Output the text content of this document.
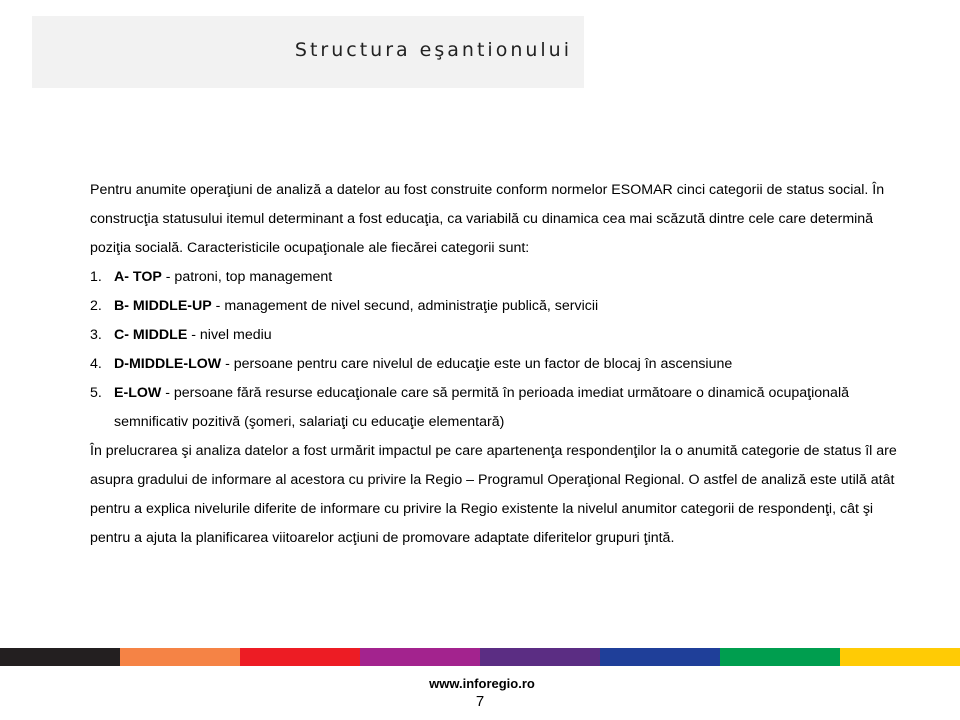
Structura eşantionului

Pentru anumite operaţiuni de analiză a datelor au fost construite conform normelor ESOMAR cinci categorii de status social. În construcţia statusului itemul determinant a fost educaţia, ca variabilă cu dinamica cea mai scăzută dintre cele care determină poziţia socială. Caracteristicile ocupaţionale ale fiecărei categorii sunt:

1. A- TOP - patroni, top management
2. B- MIDDLE-UP - management de nivel secund, administraţie publică, servicii
3. C- MIDDLE - nivel mediu
4. D-MIDDLE-LOW - persoane pentru care nivelul de educaţie este un factor de blocaj în ascensiune
5. E-LOW - persoane fără resurse educaţionale care să permită în perioada imediat următoare o dinamică ocupaţională semnificativ pozitivă (şomeri, salariaţi cu educaţie elementară)

În prelucrarea şi analiza datelor a fost urmărit impactul pe care apartenenţa respondenţilor la o anumită categorie de status îl are asupra gradului de informare al acestora cu privire la Regio – Programul Operaţional Regional. O astfel de analiză este utilă atât pentru a explica nivelurile diferite de informare cu privire la Regio existente la nivelul anumitor categorii de respondenţi, cât şi pentru a ajuta la planificarea viitoarelor acţiuni de promovare adaptate diferitelor grupuri ţintă.

www.inforegio.ro
7
